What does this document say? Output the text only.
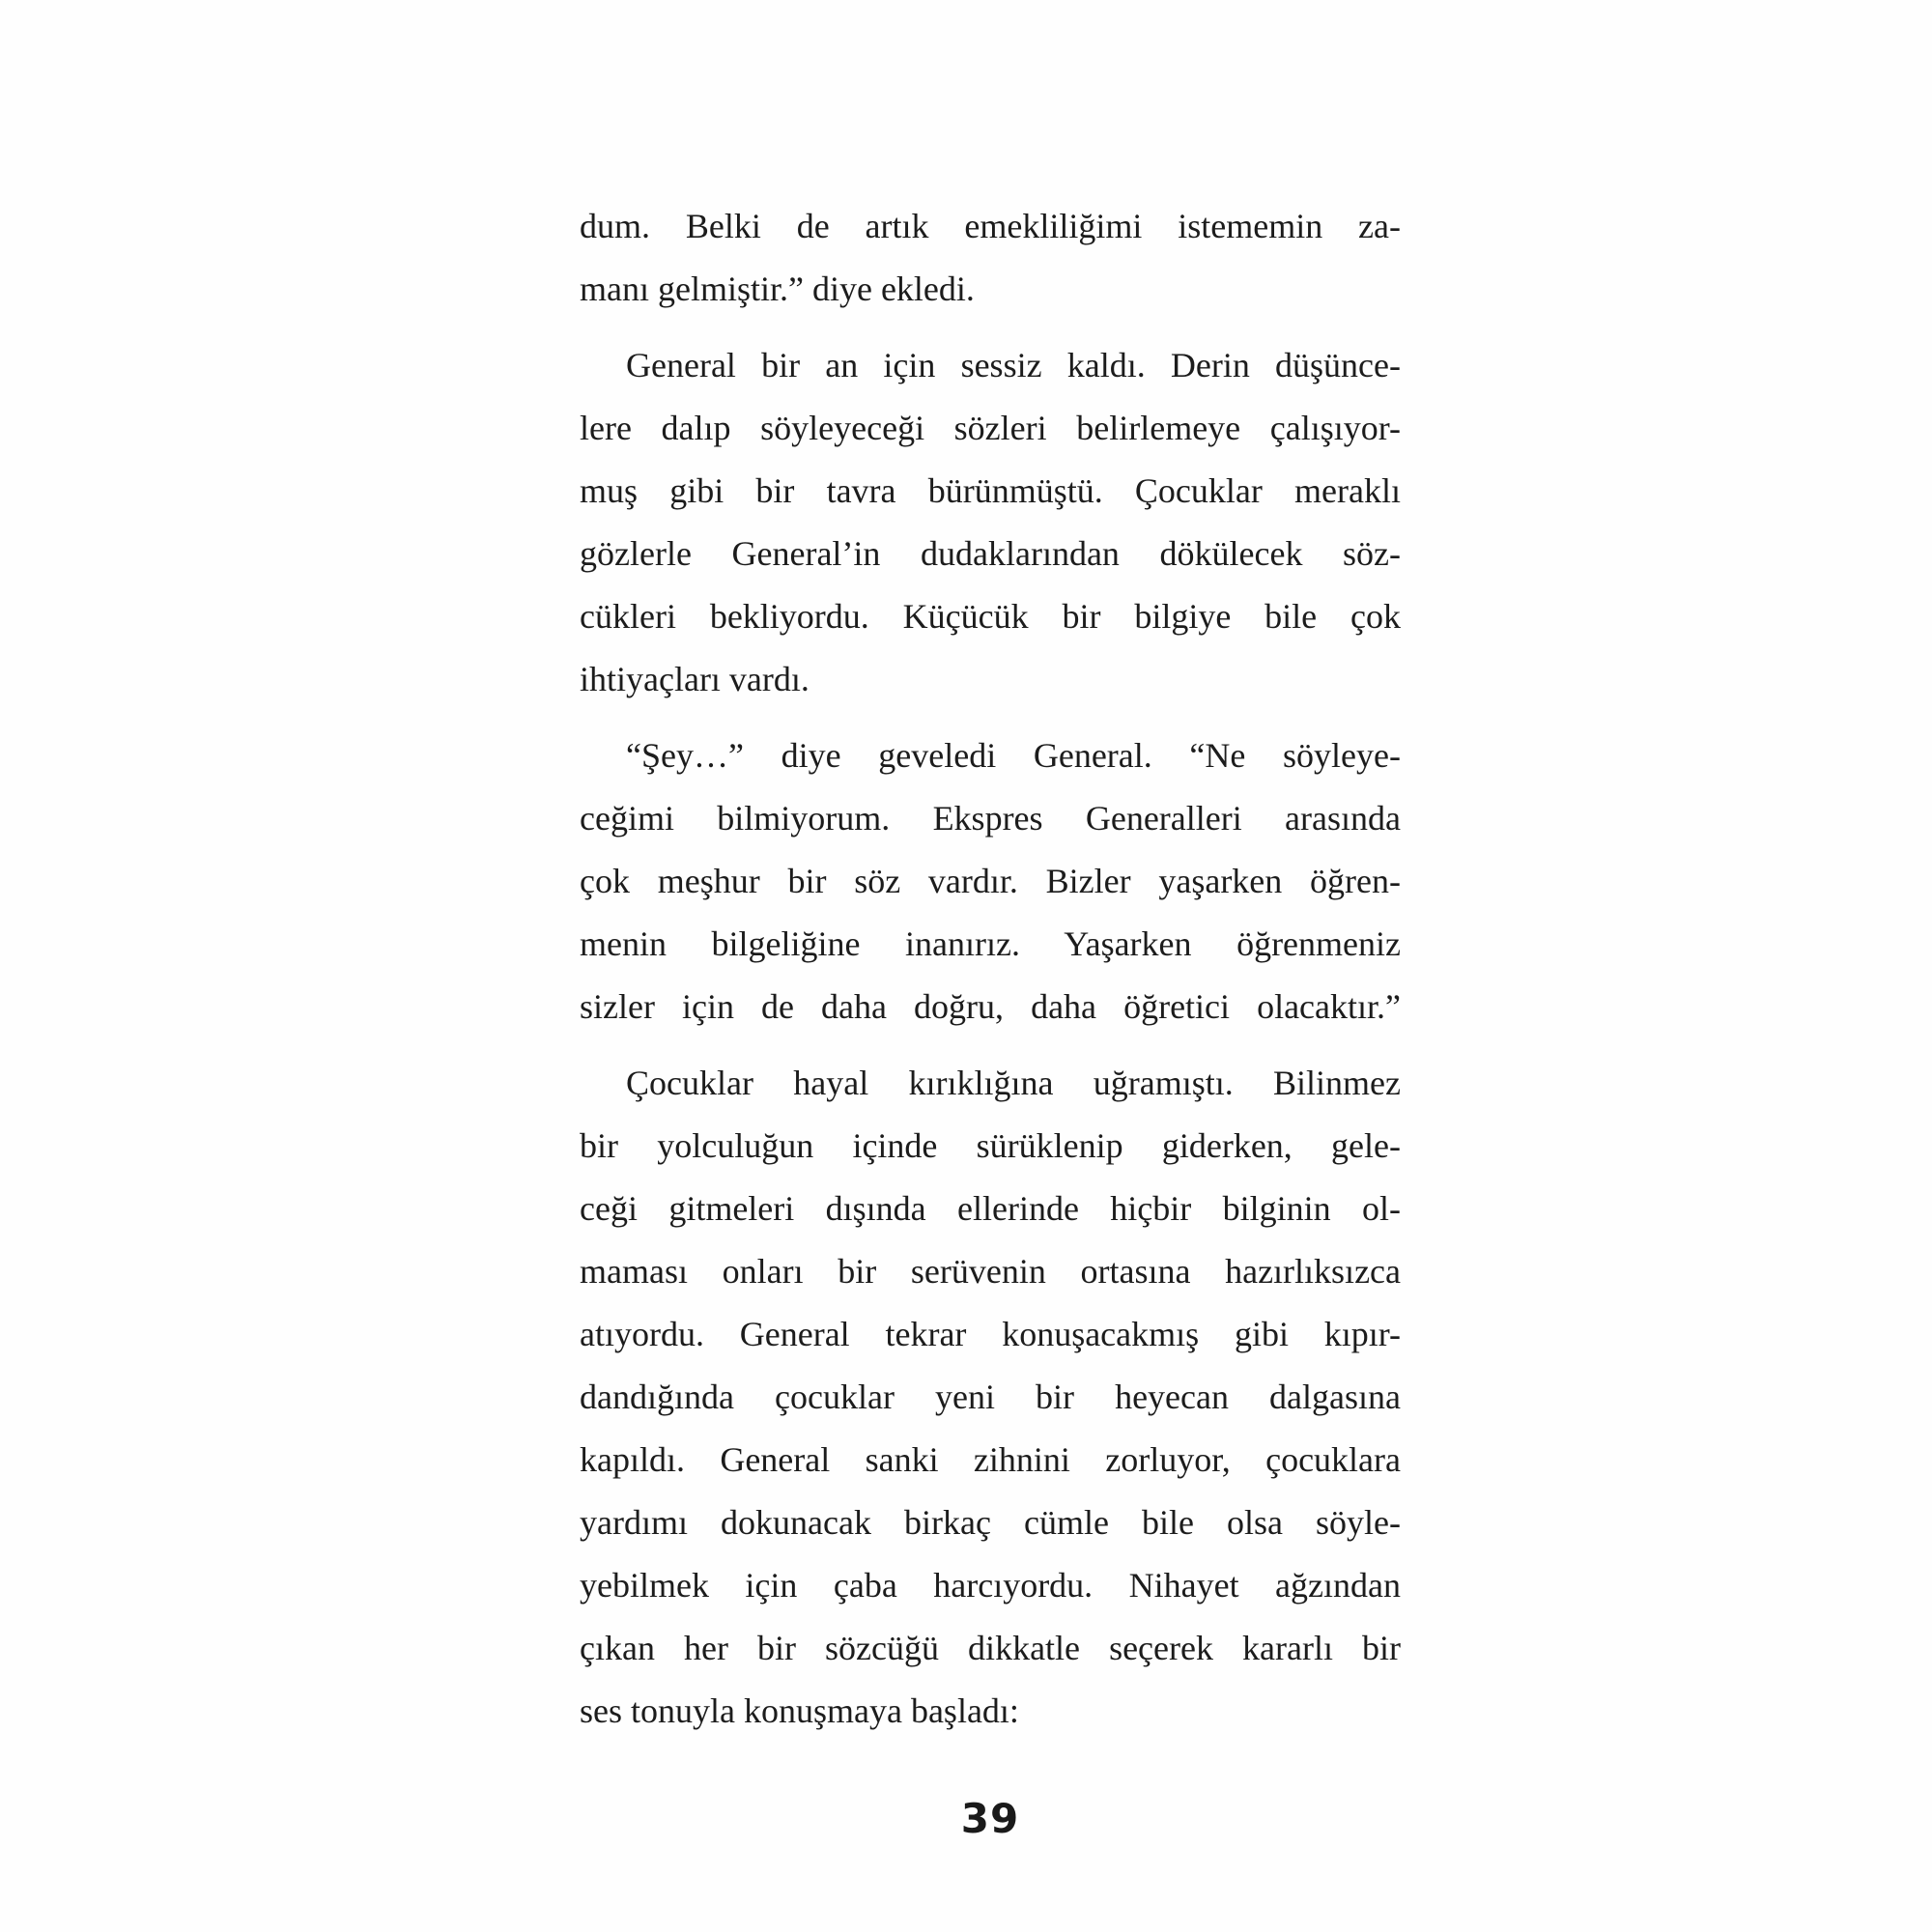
dum. Belki de artık emekliliğimi istememin za-
manı gelmiştir.” diye ekledi.
General bir an için sessiz kaldı. Derin düşünce-
lere dalıp söyleyeceği sözleri belirlemeye çalışıyor-
muş gibi bir tavra bürünmüştü. Çocuklar meraklı
gözlerle General’in dudaklarından dökülecek söz-
cükleri bekliyordu. Küçücük bir bilgiye bile çok
ihtiyaçları vardı.
“Şey…” diye geveledi General. “Ne söyleye-
ceğimi bilmiyorum. Ekspres Generalleri arasında
çok meşhur bir söz vardır. Bizler yaşarken öğren-
menin bilgeliğine inanırız. Yaşarken öğrenmeniz
sizler için de daha doğru, daha öğretici olacaktır.”
Çocuklar hayal kırıklığına uğramıştı. Bilinmez
bir yolculuğun içinde sürüklenip giderken, gele-
ceği gitmeleri dışında ellerinde hiçbir bilginin ol-
maması onları bir serüvenin ortasına hazırlıksızca
atıyordu. General tekrar konuşacakmış gibi kıpır-
dandığında çocuklar yeni bir heyecan dalgasına
kapıldı. General sanki zihnini zorluyor, çocuklara
yardımı dokunacak birkaç cümle bile olsa söyle-
yebilmek için çaba harcıyordu. Nihayet ağzından
çıkan her bir sözcüğü dikkatle seçerek kararlı bir
ses tonuyla konuşmaya başladı:
39
